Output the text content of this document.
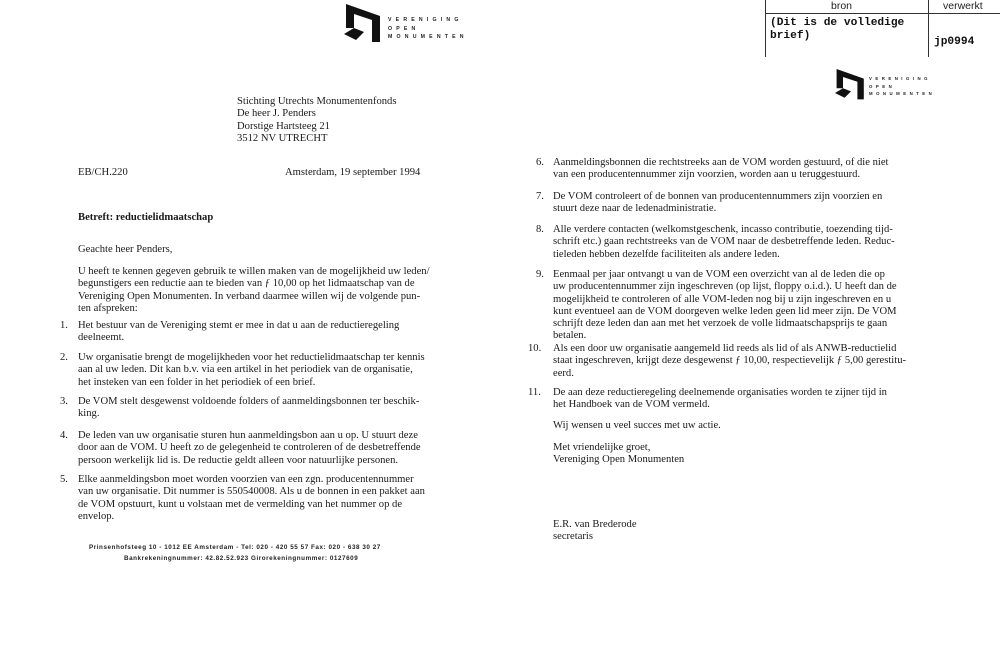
bron	verwerkt
(Dit is de volledige
brief)	jp0994
VERENIGING
OPEN
MONUMENTEN
VERENIGING
OPEN
MONUMENTEN
Stichting Utrechts Monumentenfonds
De heer J. Penders
Dorstige Hartsteeg 21
3512 NV UTRECHT
EB/CH.220	Amsterdam, 19 september 1994
Betreft: reductielidmaatschap
Geachte heer Penders,
U heeft te kennen gegeven gebruik te willen maken van de mogelijkheid uw leden/
begunstigers een reductie aan te bieden van ƒ 10,00 op het lidmaatschap van de
Vereniging Open Monumenten. In verband daarmee willen wij de volgende pun-
ten afspreken:
1. Het bestuur van de Vereniging stemt er mee in dat u aan de reductieregeling
deelneemt.
2. Uw organisatie brengt de mogelijkheden voor het reductielidmaatschap ter kennis
aan al uw leden. Dit kan b.v. via een artikel in het periodiek van de organisatie,
het insteken van een folder in het periodiek of een brief.
3. De VOM stelt desgewenst voldoende folders of aanmeldingsbonnen ter beschik-
king.
4. De leden van uw organisatie sturen hun aanmeldingsbon aan u op. U stuurt deze
door aan de VOM. U heeft zo de gelegenheid te controleren of de desbetreffende
persoon werkelijk lid is. De reductie geldt alleen voor natuurlijke personen.
5. Elke aanmeldingsbon moet worden voorzien van een zgn. producentennummer
van uw organisatie. Dit nummer is 550540008. Als u de bonnen in een pakket aan
de VOM opstuurt, kunt u volstaan met de vermelding van het nummer op de
envelop.
Prinsenhofsteeg 10 - 1012 EE Amsterdam - Tel: 020 - 420 55 57 Fax: 020 - 638 30 27
Bankrekeningnummer: 42.82.52.923 Girorekeningnummer: 0127609
6. Aanmeldingsbonnen die rechtstreeks aan de VOM worden gestuurd, of die niet
van een producentennummer zijn voorzien, worden aan u teruggestuurd.
7. De VOM controleert of de bonnen van producentennummers zijn voorzien en
stuurt deze naar de ledenadministratie.
8. Alle verdere contacten (welkomstgeschenk, incasso contributie, toezending tijd-
schrift etc.) gaan rechtstreeks van de VOM naar de desbetreffende leden. Reduc-
tieleden hebben dezelfde faciliteiten als andere leden.
9. Eenmaal per jaar ontvangt u van de VOM een overzicht van al de leden die op
uw producentennummer zijn ingeschreven (op lijst, floppy o.i.d.). U heeft dan de
mogelijkheid te controleren of alle VOM-leden nog bij u zijn ingeschreven en u
kunt eventueel aan de VOM doorgeven welke leden geen lid meer zijn. De VOM
schrijft deze leden dan aan met het verzoek de volle lidmaatschapsprijs te gaan
betalen.
10. Als een door uw organisatie aangemeld lid reeds als lid of als ANWB-reductielid
staat ingeschreven, krijgt deze desgewenst ƒ 10,00, respectievelijk ƒ 5,00 gerestitu-
eerd.
11. De aan deze reductieregeling deelnemende organisaties worden te zijner tijd in
het Handboek van de VOM vermeld.
Wij wensen u veel succes met uw actie.
Met vriendelijke groet,
Vereniging Open Monumenten
E.R. van Brederode
secretaris
